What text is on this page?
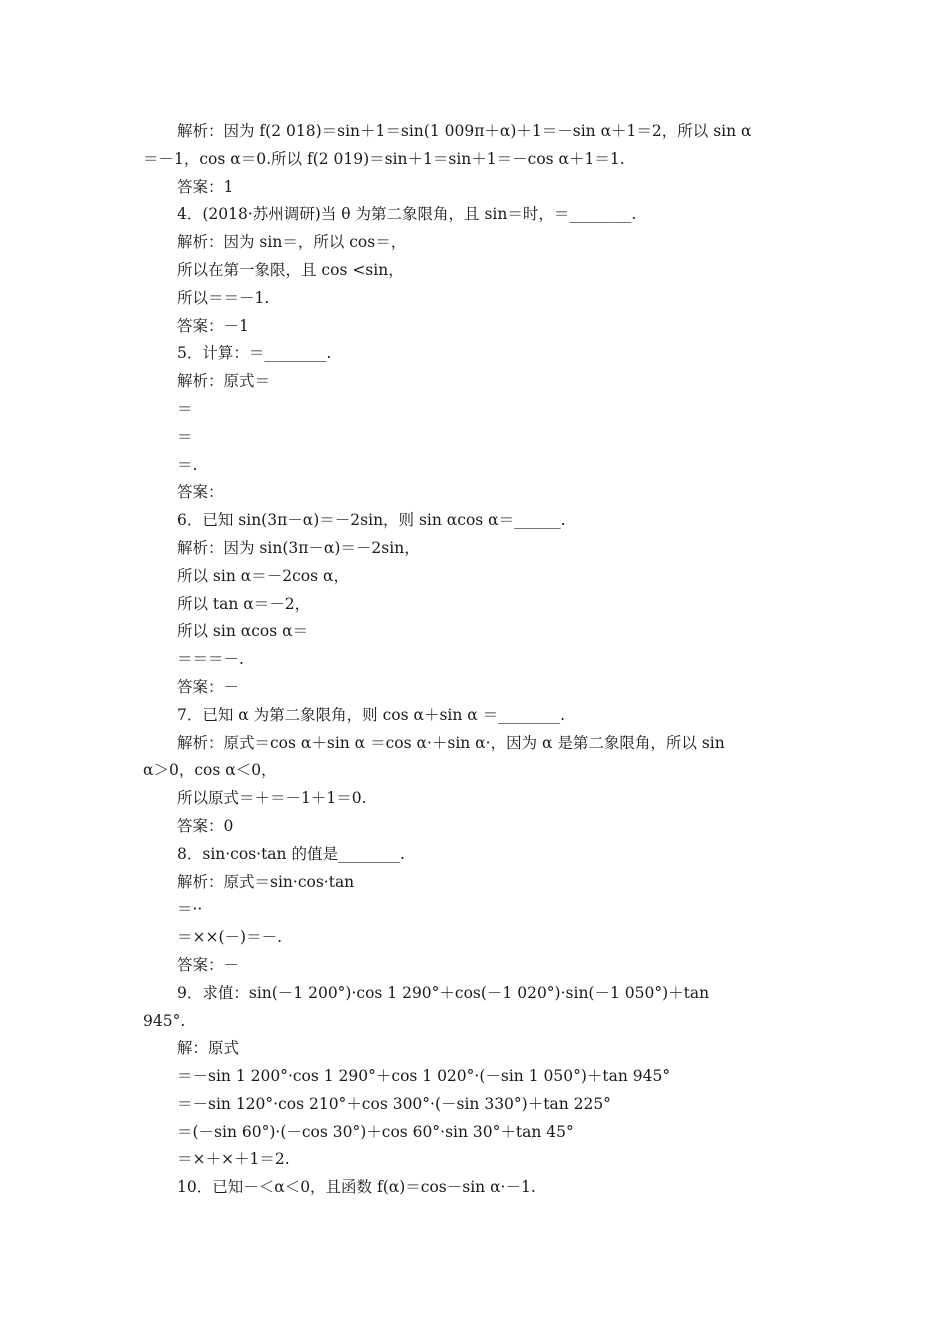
解析：因为 f(2 018)＝sin＋1＝sin(1 009π＋α)＋1＝－sin α＋1＝2，所以 sin α
＝－1，cos α＝0.所以 f(2 019)＝sin＋1＝sin＋1＝－cos α＋1＝1.
答案：1
4．(2018·苏州调研)当 θ 为第二象限角，且 sin＝时，＝________.
解析：因为 sin＝，所以 cos＝，
所以在第一象限，且 cos <sin，
所以＝＝－1.
答案：－1
5．计算：＝________.
解析：原式＝
＝
＝
＝.
答案：
6．已知 sin(3π－α)＝－2sin，则 sin αcos α＝______.
解析：因为 sin(3π－α)＝－2sin，
所以 sin α＝－2cos α，
所以 tan α＝－2，
所以 sin αcos α＝
＝＝＝－.
答案：－
7．已知 α 为第二象限角，则 cos α＋sin α ＝________.
解析：原式＝cos α＋sin α ＝cos α·＋sin α·，因为 α 是第二象限角，所以 sin
α＞0，cos α＜0，
所以原式＝＋＝－1＋1＝0.
答案：0
8．sin·cos·tan 的值是________.
解析：原式＝sin·cos·tan
＝··
＝××(－)＝－.
答案：－
9．求值：sin(－1 200°)·cos 1 290°＋cos(－1 020°)·sin(－1 050°)＋tan
945°.
解：原式
＝－sin 1 200°·cos 1 290°＋cos 1 020°·(－sin 1 050°)＋tan 945°
＝－sin 120°·cos 210°＋cos 300°·(－sin 330°)＋tan 225°
＝(－sin 60°)·(－cos 30°)＋cos 60°·sin 30°＋tan 45°
＝×＋×＋1＝2.
10．已知－＜α＜0，且函数 f(α)＝cos－sin α·－1.
